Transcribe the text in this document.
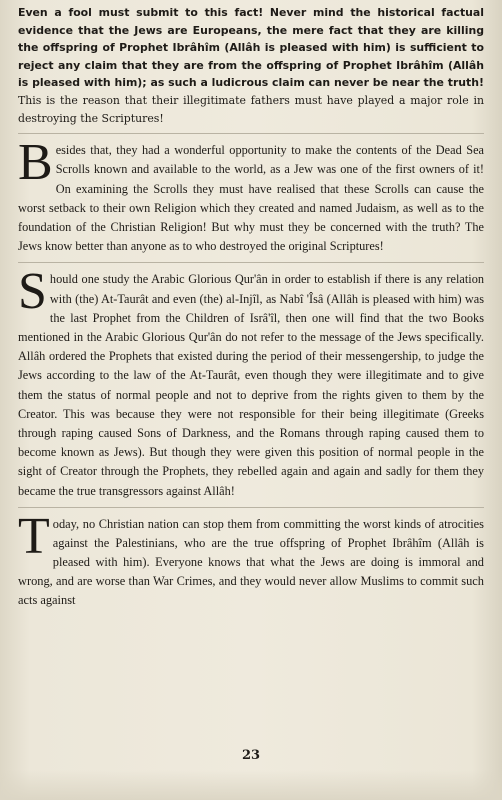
Even a fool must submit to this fact! Never mind the historical factual evidence that the Jews are Europeans, the mere fact that they are killing the offspring of Prophet Ibrâhîm (Allâh is pleased with him) is sufficient to reject any claim that they are from the offspring of Prophet Ibrâhîm (Allâh is pleased with him); as such a ludicrous claim can never be near the truth! This is the reason that their illegitimate fathers must have played a major role in destroying the Scriptures!

Besides that, they had a wonderful opportunity to make the contents of the Dead Sea Scrolls known and available to the world, as a Jew was one of the first owners of it! On examining the Scrolls they must have realised that these Scrolls can cause the worst setback to their own Religion which they created and named Judaism, as well as to the foundation of the Christian Religion! But why must they be concerned with the truth? The Jews know better than anyone as to who destroyed the original Scriptures!

Should one study the Arabic Glorious Qur'ân in order to establish if there is any relation with (the) At-Taurât and even (the) al-Injîl, as Nabî 'Îsâ (Allâh is pleased with him) was the last Prophet from the Children of Isrâ'îl, then one will find that the two Books mentioned in the Arabic Glorious Qur'ân do not refer to the message of the Jews specifically. Allâh ordered the Prophets that existed during the period of their messengership, to judge the Jews according to the law of the At-Taurât, even though they were illegitimate and to give them the status of normal people and not to deprive from the rights given to them by the Creator. This was because they were not responsible for their being illegitimate (Greeks through raping caused Sons of Darkness, and the Romans through raping caused them to become known as Jews). But though they were given this position of normal people in the sight of Creator through the Prophets, they rebelled again and again and sadly for them they became the true transgressors against Allâh!

Today, no Christian nation can stop them from committing the worst kinds of atrocities against the Palestinians, who are the true offspring of Prophet Ibrâhîm (Allâh is pleased with him). Everyone knows that what the Jews are doing is immoral and wrong, and are worse than War Crimes, and they would never allow Muslims to commit such acts against

23
